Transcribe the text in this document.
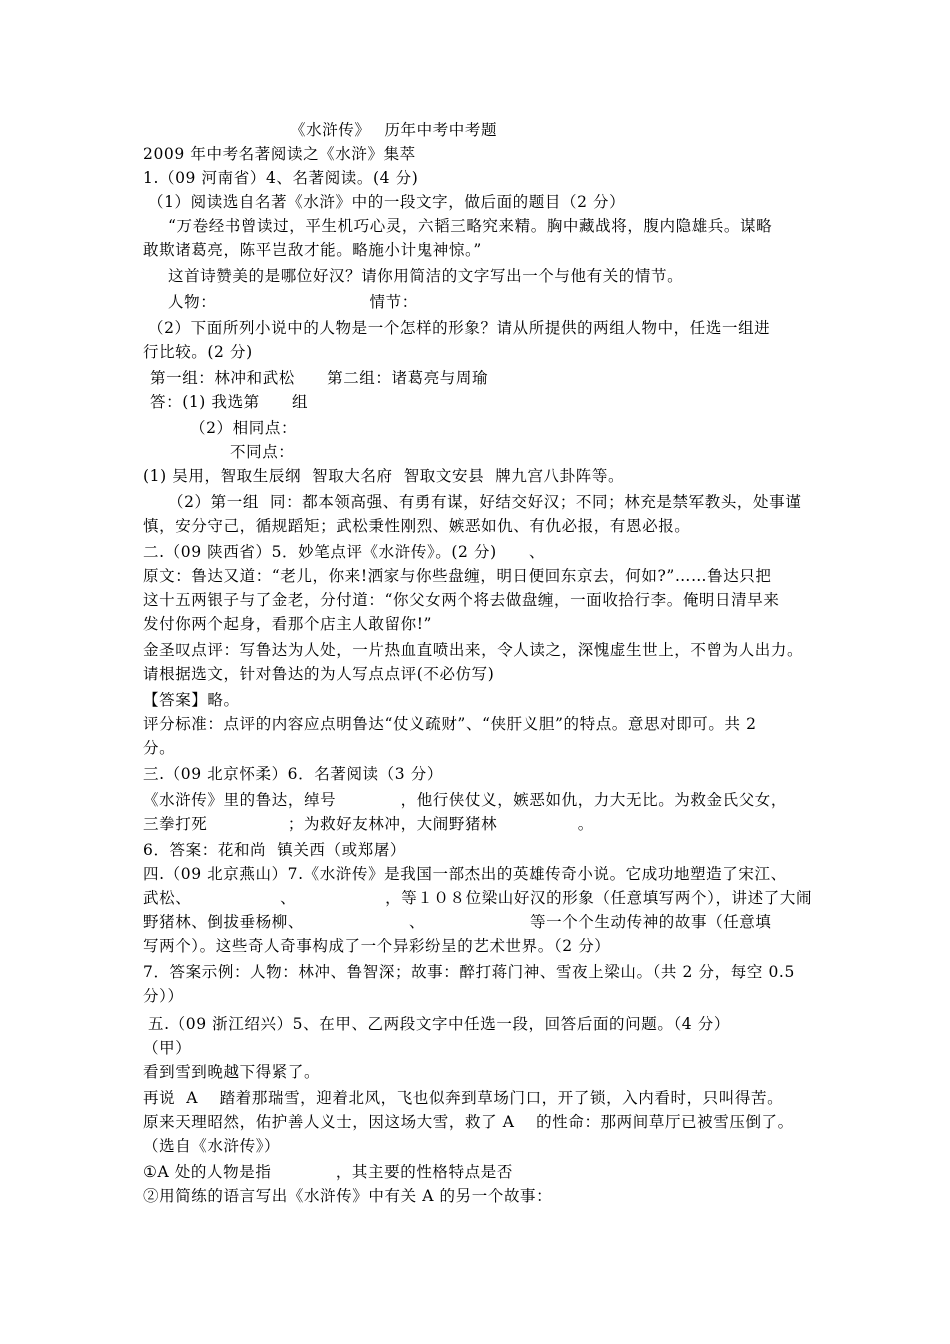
《水浒传》　 历年中考中考题
2009 年中考名著阅读之《水浒》集萃
1.（09 河南省）4、名著阅读。(4 分)
（1）阅读选自名著《水浒》中的一段文字，做后面的题目（2 分）
“万卷经书曾读过，平生机巧心灵，六韬三略究来精。胸中藏战将，腹内隐雄兵。谋略
敢欺诸葛亮，陈平岂敌才能。略施小计鬼神惊。”
这首诗赞美的是哪位好汉？请你用简洁的文字写出一个与他有关的情节。
人物：　　　　　　　　　　情节：
（2）下面所列小说中的人物是一个怎样的形象？请从所提供的两组人物中，任选一组进
行比较。(2 分)
第一组：林冲和武松　　第二组：诸葛亮与周瑜
答：(1) 我选第　　组
（2）相同点：
不同点：
(1) 吴用，智取生辰纲  智取大名府  智取文安县  牌九宫八卦阵等。
（2）第一组  同：都本领高强、有勇有谋，好结交好汉；不同；林充是禁军教头，处事谨
慎，安分守己，循规蹈矩；武松秉性刚烈、嫉恶如仇、有仇必报，有恩必报。
二.（09 陕西省）5．妙笔点评《水浒传》。(2 分)　　、
原文：鲁达又道：“老儿，你来!洒家与你些盘缠，明日便回东京去，何如?”……鲁达只把
这十五两银子与了金老，分付道：“你父女两个将去做盘缠，一面收拾行李。俺明日清早来
发付你两个起身，看那个店主人敢留你!”
金圣叹点评：写鲁达为人处，一片热血直喷出来，令人读之，深愧虚生世上，不曾为人出力。
请根据选文，针对鲁达的为人写点点评(不必仿写)
【答案】略。
评分标准：点评的内容应点明鲁达“仗义疏财”、“侠肝义胆”的特点。意思对即可。共 2
分。
三.（09 北京怀柔）6．名著阅读（3 分）
《水浒传》里的鲁达，绰号　　　　，他行侠仗义，嫉恶如仇，力大无比。为救金氏父女，
三拳打死　　　　　；为救好友林冲，大闹野猪林　　　　　。
6．答案：花和尚  镇关西（或郑屠）
四.（09 北京燕山）7.《水浒传》是我国一部杰出的英雄传奇小说。它成功地塑造了宋江、
武松、　　　　　　、　　　　　　，等１０８位梁山好汉的形象（任意填写两个），讲述了大闹
野猪林、倒拔垂杨柳、　　　　　　　、　　　　　　　等一个个生动传神的故事（任意填
写两个）。这些奇人奇事构成了一个异彩纷呈的艺术世界。（2 分）
7．答案示例：人物：林冲、鲁智深；故事：醉打蒋门神、雪夜上梁山。（共 2 分，每空 0.5
分））
五.（09 浙江绍兴）5、在甲、乙两段文字中任选一段，回答后面的问题。（4 分）
（甲）
看到雪到晚越下得紧了。
再说  A　 踏着那瑞雪，迎着北风，飞也似奔到草场门口，开了锁，入内看时，只叫得苦。
原来天理昭然，佑护善人义士，因这场大雪，救了 A　 的性命：那两间草厅已被雪压倒了。
（选自《水浒传》）
①A 处的人物是指　　　　，其主要的性格特点是否
②用简练的语言写出《水浒传》中有关 A 的另一个故事：
